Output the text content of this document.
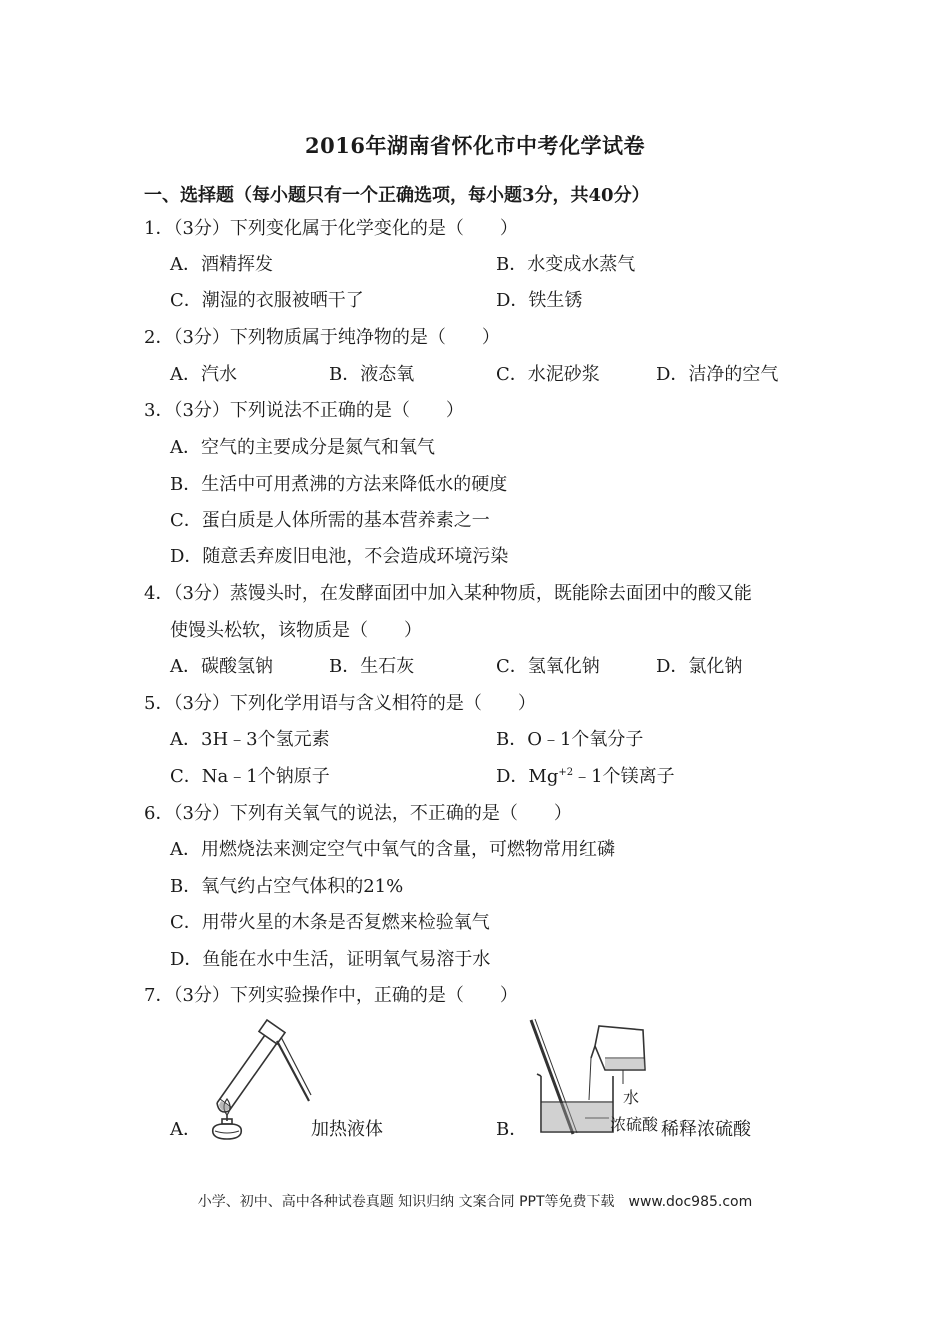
2016年湖南省怀化市中考化学试卷
一、选择题（每小题只有一个正确选项，每小题3分，共40分）
1．（3分）下列变化属于化学变化的是（　　）
A．酒精挥发	B．水变成水蒸气
C．潮湿的衣服被晒干了	D．铁生锈
2．（3分）下列物质属于纯净物的是（　　）
A．汽水	B．液态氧	C．水泥砂浆	D．洁净的空气
3．（3分）下列说法不正确的是（　　）
A．空气的主要成分是氮气和氧气
B．生活中可用煮沸的方法来降低水的硬度
C．蛋白质是人体所需的基本营养素之一
D．随意丢弃废旧电池，不会造成环境污染
4．（3分）蒸馒头时，在发酵面团中加入某种物质，既能除去面团中的酸又能
使馒头松软，该物质是（　　）
A．碳酸氢钠	B．生石灰	C．氢氧化钠	D．氯化钠
5．（3分）下列化学用语与含义相符的是（　　）
A．3H﹣3个氢元素	B．O﹣1个氧分子
C．Na﹣1个钠原子	D．$Mg^{+2}﹣1$个镁离子
6．（3分）下列有关氧气的说法，不正确的是（　　）
A．用燃烧法来测定空气中氧气的含量，可燃物常用红磷
B．氧气约占空气体积的21%
C．用带火星的木条是否复燃来检验氧气
D．鱼能在水中生活，证明氧气易溶于水
7．（3分）下列实验操作中，正确的是（　　）
A．	加热液体
水
浓硫酸
B．	稀释浓硫酸
小学、初中、高中各种试卷真题 知识归纳 文案合同 PPT等免费下载　www.doc985.com
